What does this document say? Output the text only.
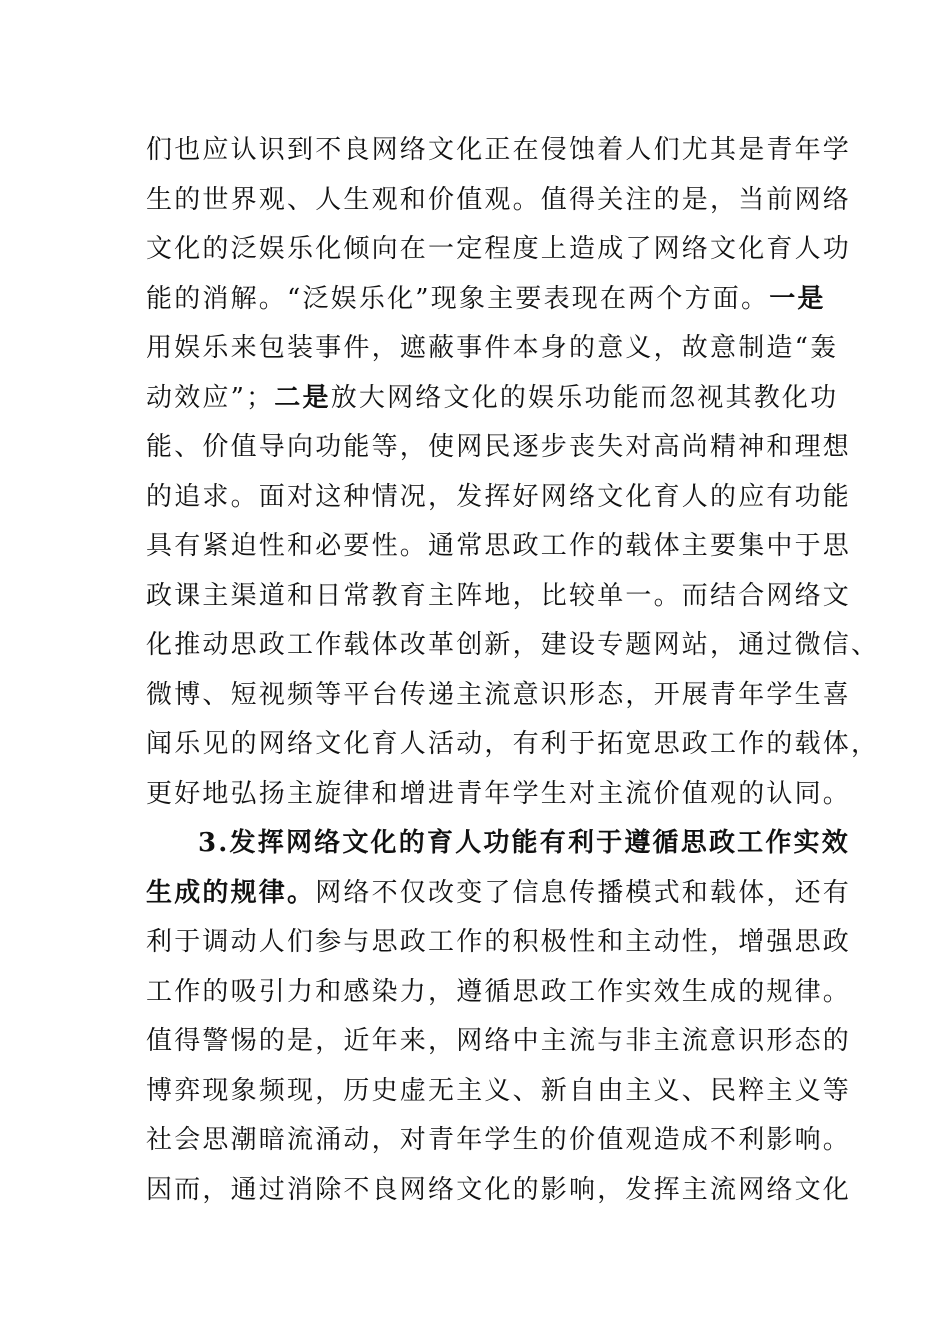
们也应认识到不良网络文化正在侵蚀着人们尤其是青年学
生的世界观、人生观和价值观。值得关注的是，当前网络
文化的泛娱乐化倾向在一定程度上造成了网络文化育人功
能的消解。“泛娱乐化”现象主要表现在两个方面。一是
用娱乐来包装事件，遮蔽事件本身的意义，故意制造“轰
动效应”；二是放大网络文化的娱乐功能而忽视其教化功
能、价值导向功能等，使网民逐步丧失对高尚精神和理想
的追求。面对这种情况，发挥好网络文化育人的应有功能
具有紧迫性和必要性。通常思政工作的载体主要集中于思
政课主渠道和日常教育主阵地，比较单一。而结合网络文
化推动思政工作载体改革创新，建设专题网站，通过微信、
微博、短视频等平台传递主流意识形态，开展青年学生喜
闻乐见的网络文化育人活动，有利于拓宽思政工作的载体，
更好地弘扬主旋律和增进青年学生对主流价值观的认同。
3.发挥网络文化的育人功能有利于遵循思政工作实效
生成的规律。网络不仅改变了信息传播模式和载体，还有
利于调动人们参与思政工作的积极性和主动性，增强思政
工作的吸引力和感染力，遵循思政工作实效生成的规律。
值得警惕的是，近年来，网络中主流与非主流意识形态的
博弈现象频现，历史虚无主义、新自由主义、民粹主义等
社会思潮暗流涌动，对青年学生的价值观造成不利影响。
因而，通过消除不良网络文化的影响，发挥主流网络文化
